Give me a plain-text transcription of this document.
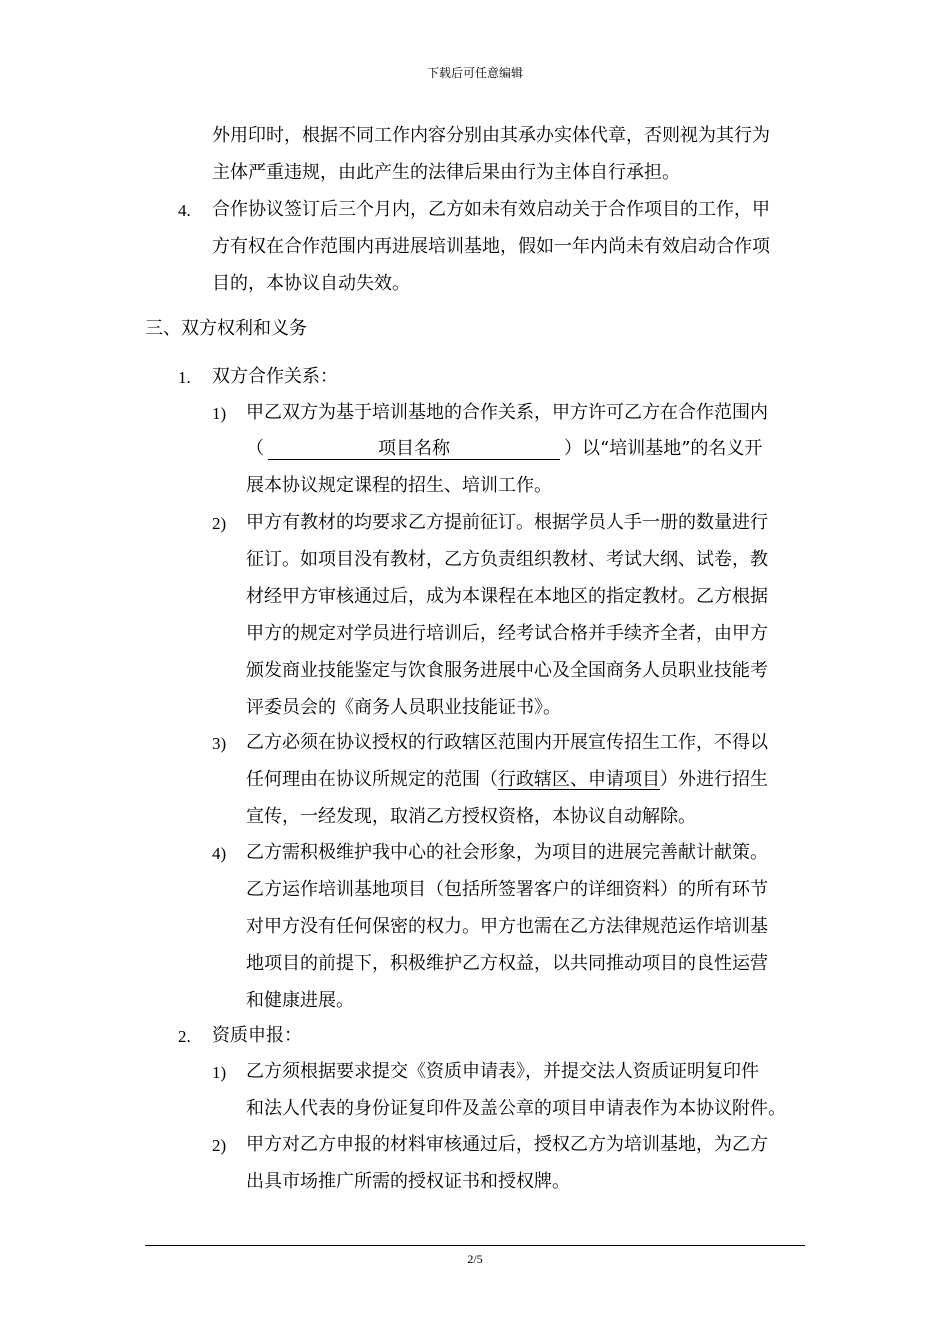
下载后可任意编辑
外用印时，根据不同工作内容分别由其承办实体代章，否则视为其行为
主体严重违规，由此产生的法律后果由行为主体自行承担。
4. 合作协议签订后三个月内，乙方如未有效启动关于合作项目的工作，甲
方有权在合作范围内再进展培训基地，假如一年内尚未有效启动合作项
目的，本协议自动失效。
三、双方权利和义务
1. 双方合作关系：
1) 甲乙双方为基于培训基地的合作关系，甲方许可乙方在合作范围内
（	项目名称	）以“培训基地”的名义开
展本协议规定课程的招生、培训工作。
2) 甲方有教材的均要求乙方提前征订。根据学员人手一册的数量进行
征订。如项目没有教材，乙方负责组织教材、考试大纲、试卷，教
材经甲方审核通过后，成为本课程在本地区的指定教材。乙方根据
甲方的规定对学员进行培训后，经考试合格并手续齐全者，由甲方
颁发商业技能鉴定与饮食服务进展中心及全国商务人员职业技能考
评委员会的《商务人员职业技能证书》。
3) 乙方必须在协议授权的行政辖区范围内开展宣传招生工作，不得以
任何理由在协议所规定的范围（行政辖区、申请项目）外进行招生
宣传，一经发现，取消乙方授权资格，本协议自动解除。
4) 乙方需积极维护我中心的社会形象，为项目的进展完善献计献策。
乙方运作培训基地项目（包括所签署客户的详细资料）的所有环节
对甲方没有任何保密的权力。甲方也需在乙方法律规范运作培训基
地项目的前提下，积极维护乙方权益，以共同推动项目的良性运营
和健康进展。
2. 资质申报：
1) 乙方须根据要求提交《资质申请表》，并提交法人资质证明复印件
和法人代表的身份证复印件及盖公章的项目申请表作为本协议附件。
2) 甲方对乙方申报的材料审核通过后，授权乙方为培训基地，为乙方
出具市场推广所需的授权证书和授权牌。
2/5
